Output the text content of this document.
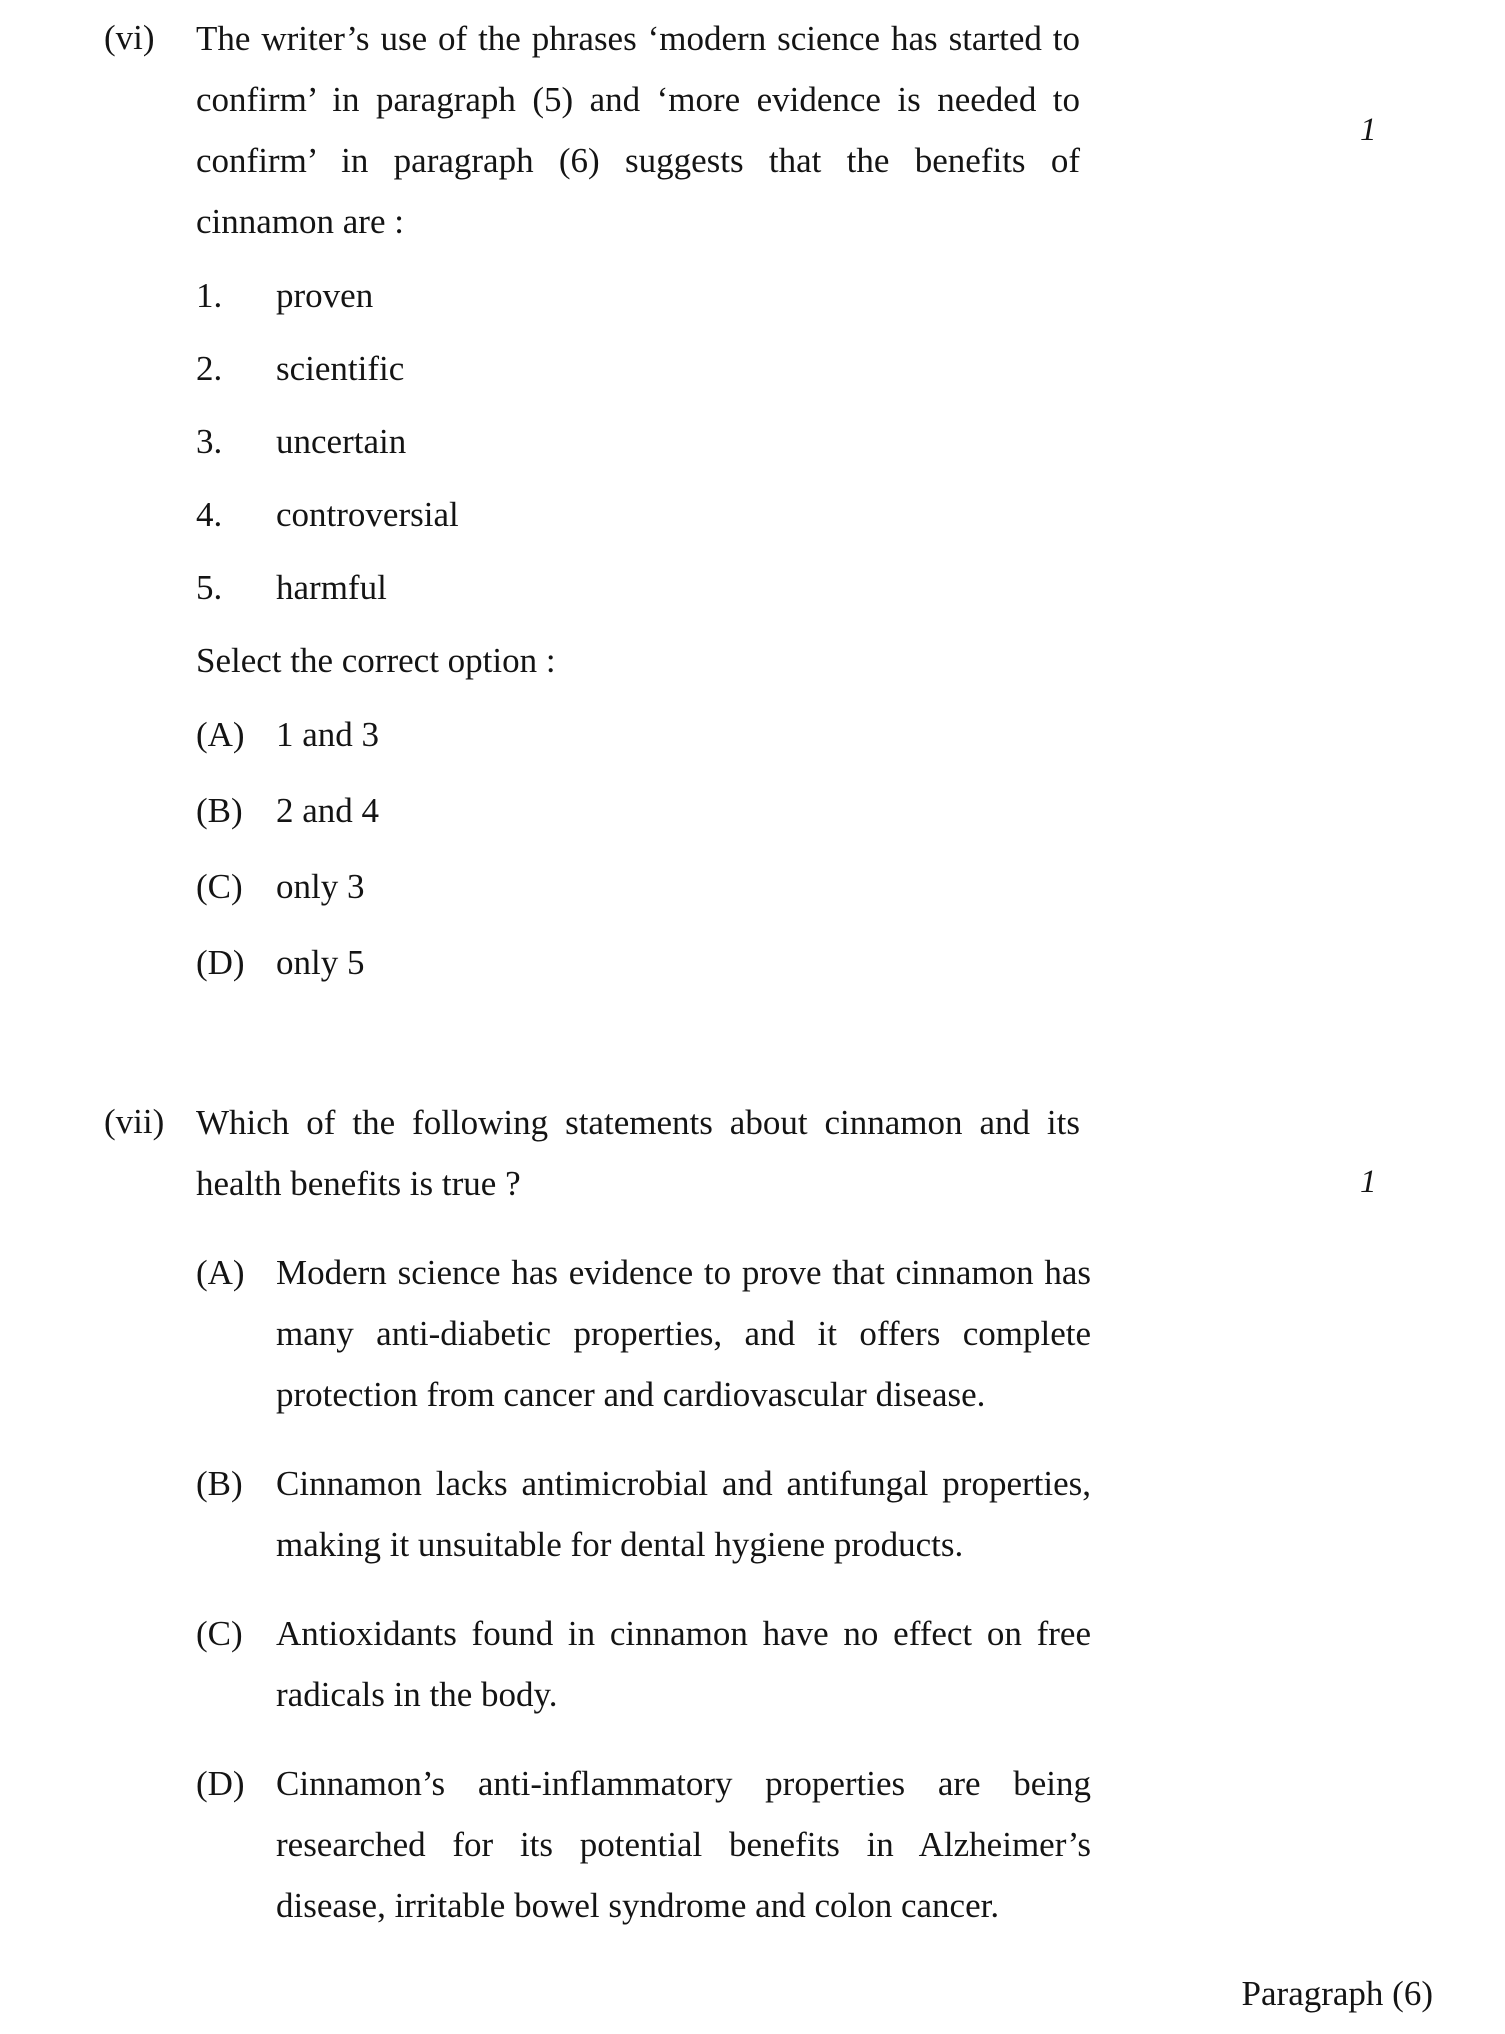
(vi)	The writer’s use of the phrases ‘modern science has started to confirm’ in paragraph (5) and ‘more evidence is needed to confirm’ in paragraph (6) suggests that the benefits of cinnamon are :
1.	proven
2.	scientific
3.	uncertain
4.	controversial
5.	harmful
Select the correct option :
(A) 1 and 3
(B) 2 and 4
(C) only 3
(D) only 5
1
(vii) Which of the following statements about cinnamon and its health benefits is true ?
(A) Modern science has evidence to prove that cinnamon has many anti-diabetic properties, and it offers complete protection from cancer and cardiovascular disease.
(B) Cinnamon lacks antimicrobial and antifungal properties, making it unsuitable for dental hygiene products.
(C) Antioxidants found in cinnamon have no effect on free radicals in the body.
(D) Cinnamon’s anti-inflammatory properties are being researched for its potential benefits in Alzheimer’s disease, irritable bowel syndrome and colon cancer.
1
Paragraph (6)
